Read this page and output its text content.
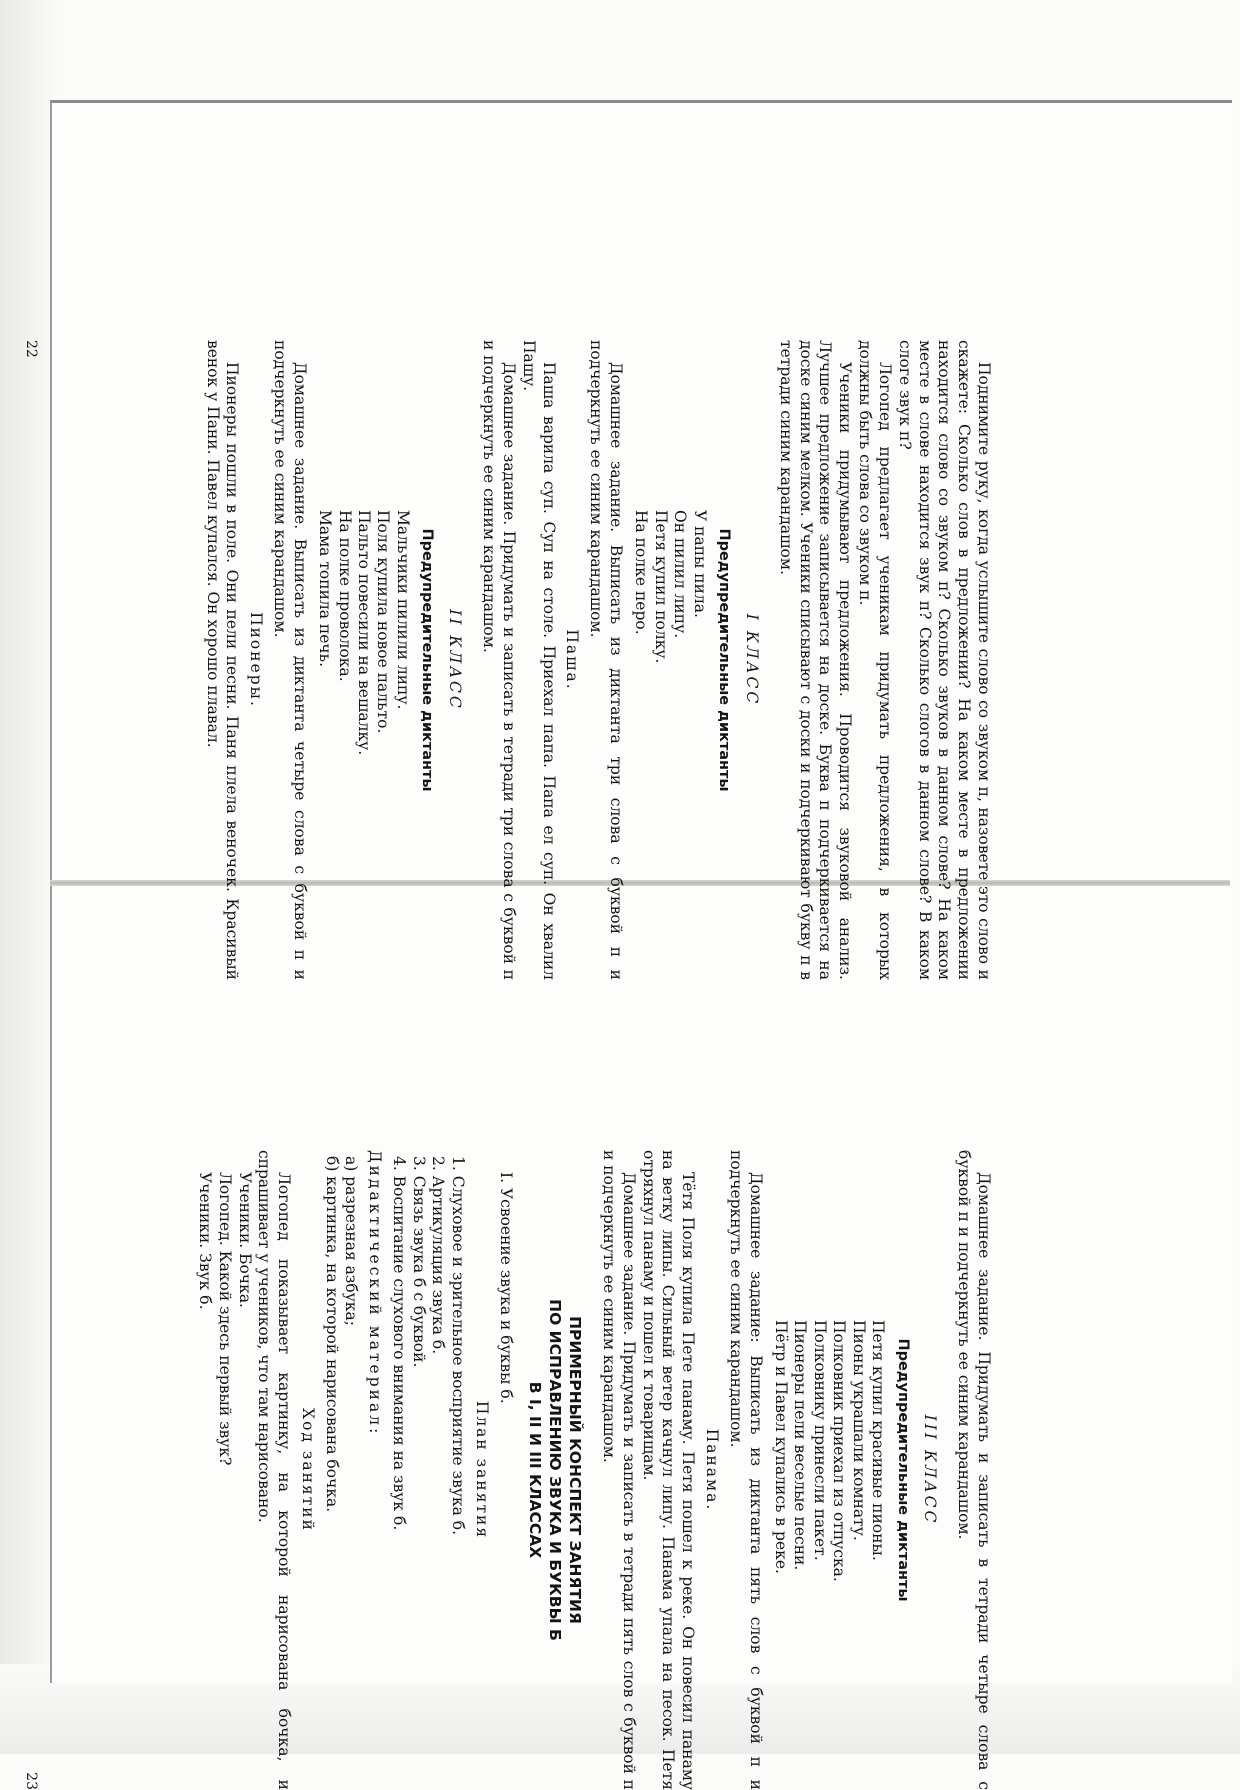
Поднимите руку, когда услышите слово со звуком п, назовете это слово и скажете: Сколько слов в предложении? На каком месте в предложении находится слово со звуком п? Сколько звуков в данном слове? На каком месте в слове находится звук п? Сколько слогов в данном слове? В каком слоге звук п?

Логопед предлагает ученикам придумать предложения, в которых должны быть слова со звуком п.

Ученики придумывают предложения. Проводится звуковой анализ. Лучшее предложение записывается на доске. Буква п подчеркивается на доске синим мелком. Ученики списывают с доски и подчеркивают букву п в тетради синим карандашом.

I КЛАСС
Предупредительные диктанты
У папы пила.
Он пилил липу.
Петя купил полку.
На полке перо.

Домашнее задание. Выписать из диктанта три слова с буквой п и подчеркнуть ее синим карандашом.

Паша.

Паша варила суп. Суп на столе. Приехал папа. Папа ел суп. Он хвалил Пашу.

Домашнее задание. Придумать и записать в тетради три слова с буквой п и подчеркнуть ее синим карандашом.

II КЛАСС
Предупредительные диктанты
Мальчики пилили липу.
Поля купила новое пальто.
Пальто повесили на вешалку.
На полке проволока.
Мама топила печь.

Домашнее задание. Выписать из диктанта четыре слова с буквой п и подчеркнуть ее синим карандашом.

Пионеры.

Пионеры пошли в поле. Они пели песни. Паня плела веночек. Красивый венок у Пани. Павел купался. Он хорошо плавал.

22

Домашнее задание. Придумать и записать в тетради четыре слова с буквой п и подчеркнуть ее синим карандашом.

III КЛАСС
Предупредительные диктанты
Петя купил красивые пионы.
Пионы украшали комнату.
Полковник приехал из отпуска.
Полковнику принесли пакет.
Пионеры пели веселые песни.
Пётр и Павел купались в реке.

Домашнее задание: Выписать из диктанта пять слов с буквой п и подчеркнуть ее синим карандашом.

Панама.

Тётя Поля купила Пете панаму. Петя пошел к реке. Он повесил панаму на ветку липы. Сильный ветер качнул липу. Панама упала на песок. Петя отряхнул панаму и пошел к товарищам.

Домашнее задание. Придумать и записать в тетради пять слов с буквой п и подчеркнуть ее синим карандашом.

ПРИМЕРНЫЙ КОНСПЕКТ ЗАНЯТИЯ
ПО ИСПРАВЛЕНИЮ ЗВУКА И БУКВЫ Б
В I, II И III КЛАССАХ

I. Усвоение звука и буквы б.

План занятия
1. Слуховое и зрительное восприятие звука б.
2. Артикуляция звука б.
3. Связь звука б с буквой.
4. Воспитание слухового внимания на звук б.
Дидактический материал:
а) разрезная азбука;
б) картинка, на которой нарисована бочка.
Ход занятий

Логопед показывает картинку, на которой нарисована бочка, и спрашивает у учеников, что там нарисовано.

Ученики. Бочка.

Логопед. Какой здесь первый звук?

Ученики. Звук б.

23
